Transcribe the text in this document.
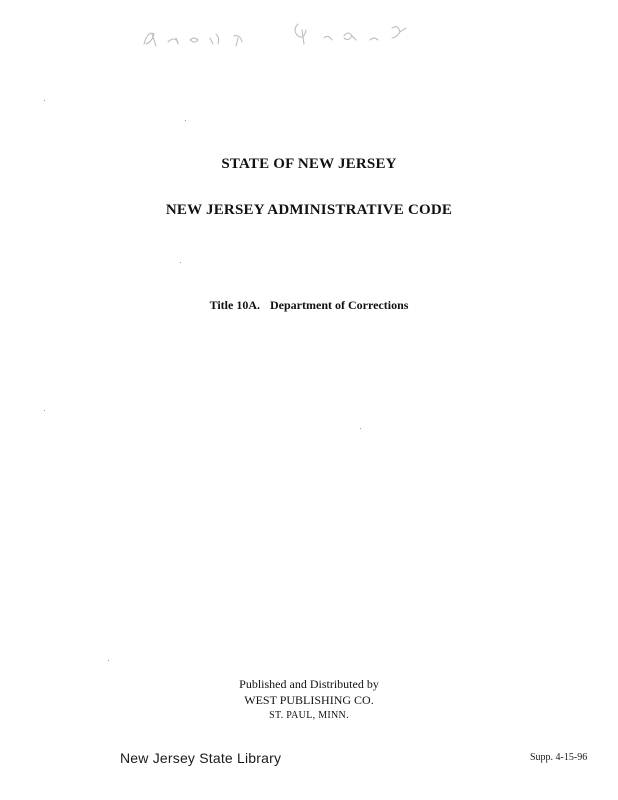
STATE OF NEW JERSEY
NEW JERSEY ADMINISTRATIVE CODE
Title 10A. Department of Corrections
Published and Distributed by
WEST PUBLISHING CO.
ST. PAUL, MINN.
New Jersey State Library	Supp. 4-15-96
